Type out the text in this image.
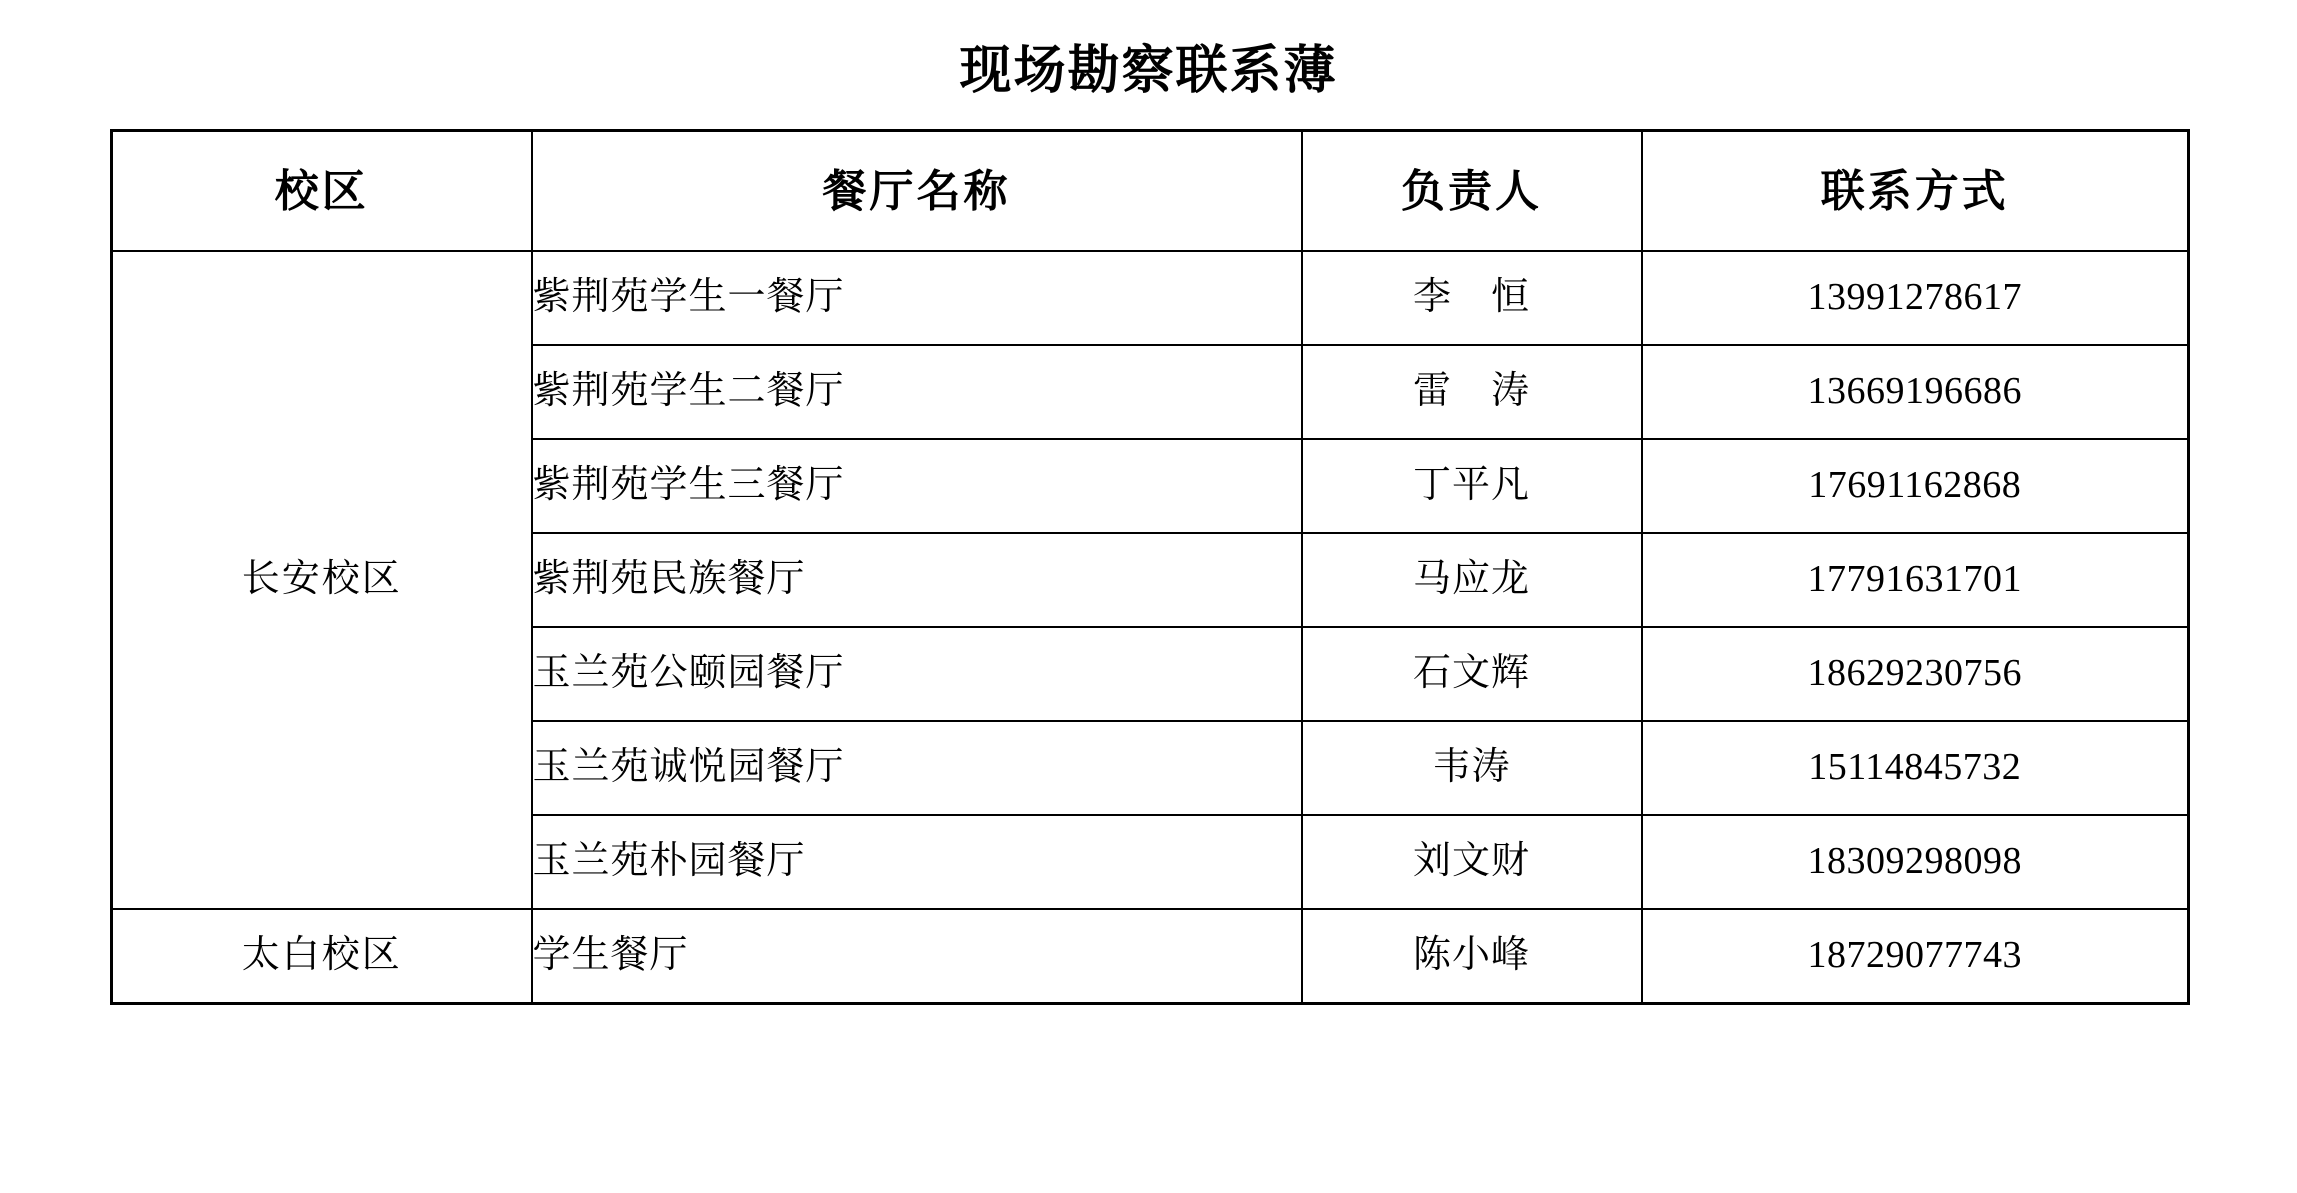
现场勘察联系薄
校区	餐厅名称	负责人	联系方式
长安校区	紫荆苑学生一餐厅	李　恒	13991278617
	紫荆苑学生二餐厅	雷　涛	13669196686
	紫荆苑学生三餐厅	丁平凡	17691162868
	紫荆苑民族餐厅	马应龙	17791631701
	玉兰苑公颐园餐厅	石文辉	18629230756
	玉兰苑诚悦园餐厅	韦涛	15114845732
	玉兰苑朴园餐厅	刘文财	18309298098
太白校区	学生餐厅	陈小峰	18729077743
